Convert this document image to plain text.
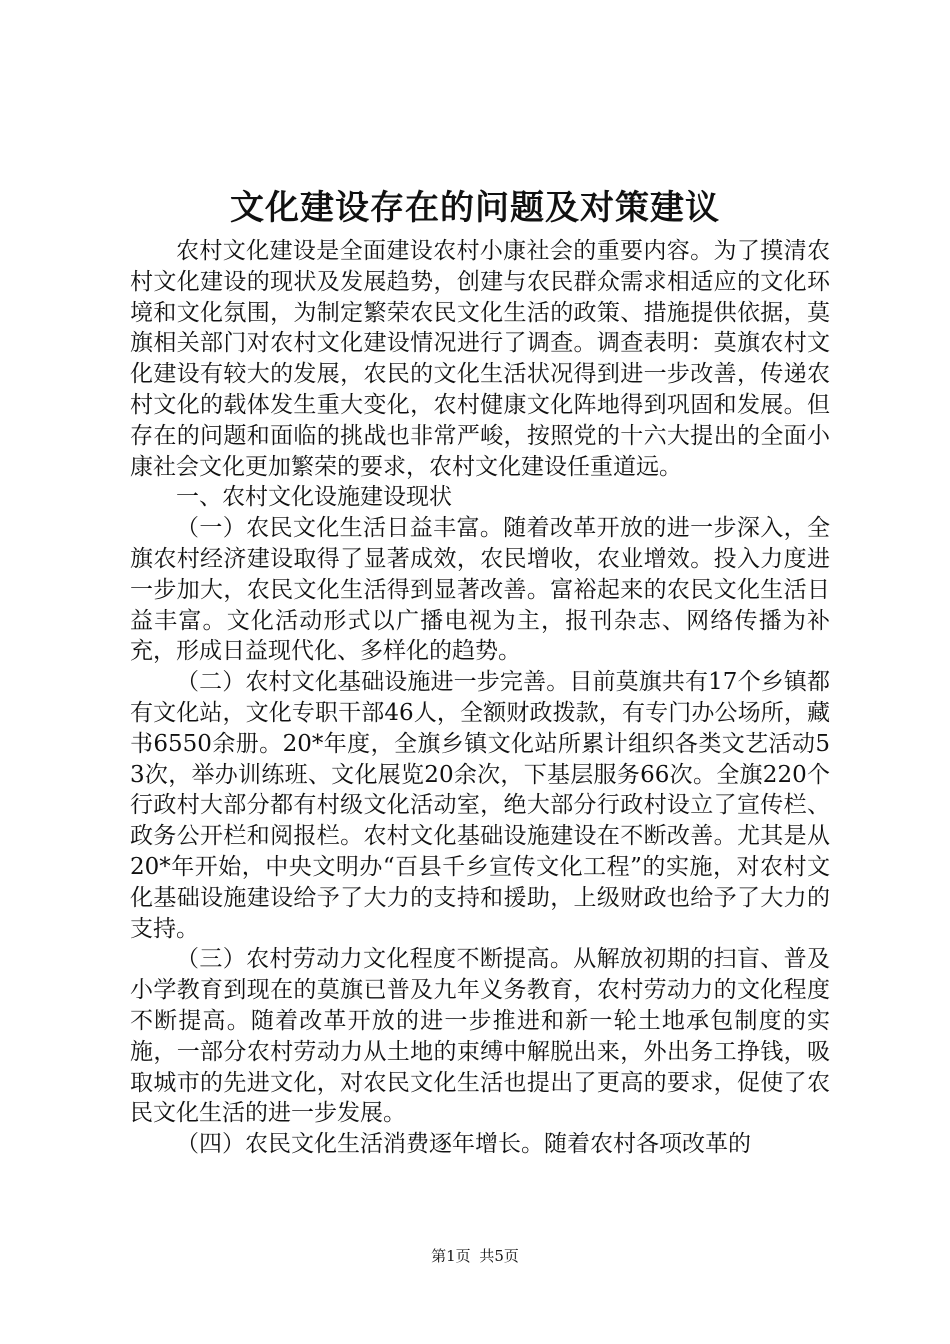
文化建设存在的问题及对策建议

农村文化建设是全面建设农村小康社会的重要内容。为了摸清农村文化建设的现状及发展趋势，创建与农民群众需求相适应的文化环境和文化氛围，为制定繁荣农民文化生活的政策、措施提供依据，莫旗相关部门对农村文化建设情况进行了调查。调查表明：莫旗农村文化建设有较大的发展，农民的文化生活状况得到进一步改善，传递农村文化的载体发生重大变化，农村健康文化阵地得到巩固和发展。但存在的问题和面临的挑战也非常严峻，按照党的十六大提出的全面小康社会文化更加繁荣的要求，农村文化建设任重道远。

一、农村文化设施建设现状

（一）农民文化生活日益丰富。随着改革开放的进一步深入，全旗农村经济建设取得了显著成效，农民增收，农业增效。投入力度进一步加大，农民文化生活得到显著改善。富裕起来的农民文化生活日益丰富。文化活动形式以广播电视为主，报刊杂志、网络传播为补充，形成日益现代化、多样化的趋势。

（二）农村文化基础设施进一步完善。目前莫旗共有17个乡镇都有文化站，文化专职干部46人，全额财政拨款，有专门办公场所，藏书6550余册。20*年度，全旗乡镇文化站所累计组织各类文艺活动53次，举办训练班、文化展览20余次，下基层服务66次。全旗220个行政村大部分都有村级文化活动室，绝大部分行政村设立了宣传栏、政务公开栏和阅报栏。农村文化基础设施建设在不断改善。尤其是从20*年开始，中央文明办“百县千乡宣传文化工程”的实施，对农村文化基础设施建设给予了大力的支持和援助，上级财政也给予了大力的支持。

（三）农村劳动力文化程度不断提高。从解放初期的扫盲、普及小学教育到现在的莫旗已普及九年义务教育，农村劳动力的文化程度不断提高。随着改革开放的进一步推进和新一轮土地承包制度的实施，一部分农村劳动力从土地的束缚中解脱出来，外出务工挣钱，吸取城市的先进文化，对农民文化生活也提出了更高的要求，促使了农民文化生活的进一步发展。

（四）农民文化生活消费逐年增长。随着农村各项改革的

第1页 共5页
